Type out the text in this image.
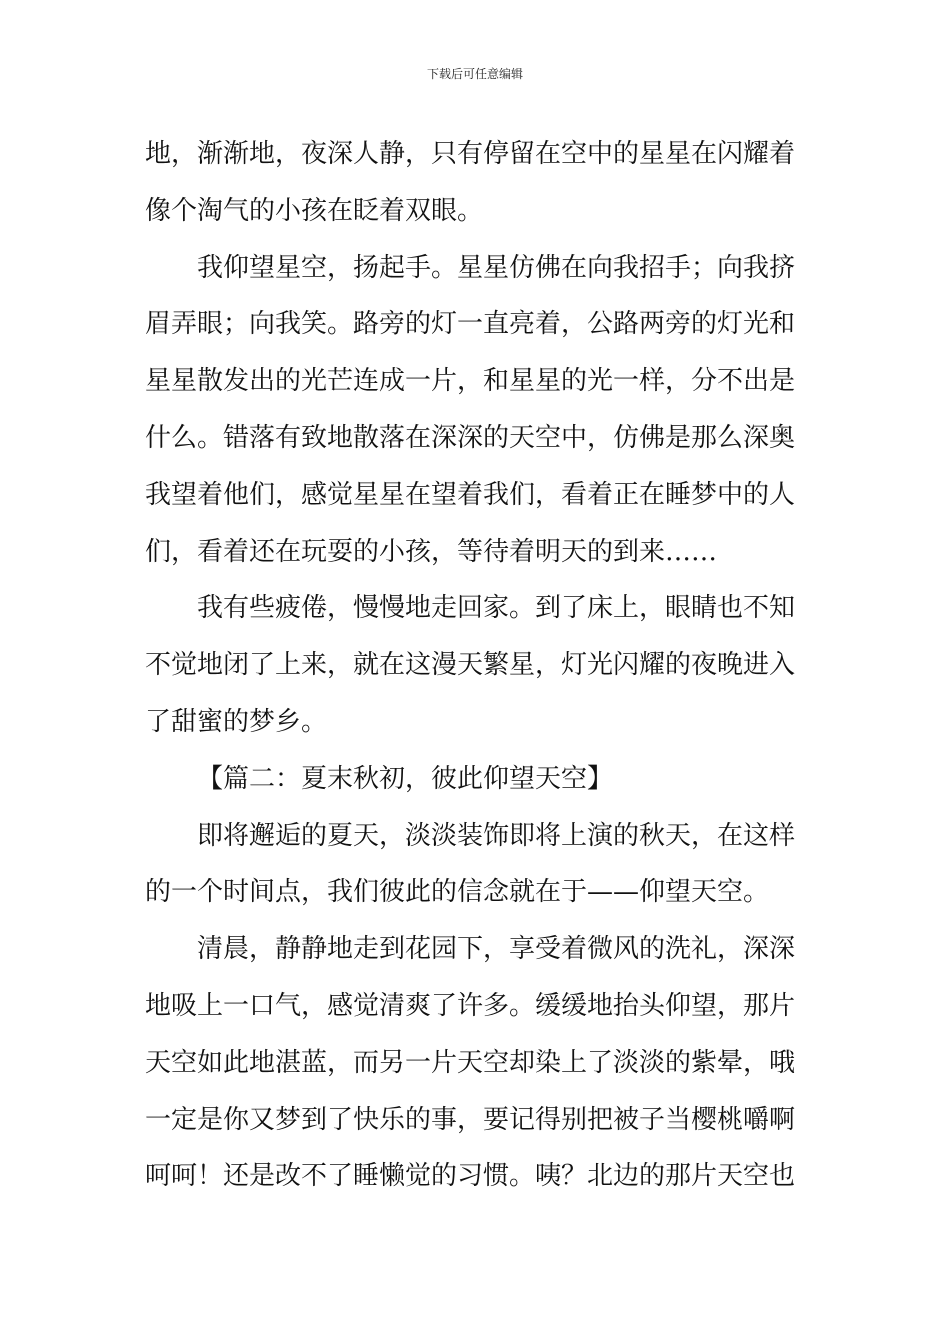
下载后可任意编辑
地，渐渐地，夜深人静，只有停留在空中的星星在闪耀着
像个淘气的小孩在眨着双眼。
我仰望星空，扬起手。星星仿佛在向我招手；向我挤
眉弄眼；向我笑。路旁的灯一直亮着，公路两旁的灯光和
星星散发出的光芒连成一片，和星星的光一样，分不出是
什么。错落有致地散落在深深的天空中，仿佛是那么深奥
我望着他们，感觉星星在望着我们，看着正在睡梦中的人
们，看着还在玩耍的小孩，等待着明天的到来……
我有些疲倦，慢慢地走回家。到了床上，眼睛也不知
不觉地闭了上来，就在这漫天繁星，灯光闪耀的夜晚进入
了甜蜜的梦乡。
【篇二：夏末秋初，彼此仰望天空】
即将邂逅的夏天，淡淡装饰即将上演的秋天，在这样
的一个时间点，我们彼此的信念就在于——仰望天空。
清晨，静静地走到花园下，享受着微风的洗礼，深深
地吸上一口气，感觉清爽了许多。缓缓地抬头仰望，那片
天空如此地湛蓝，而另一片天空却染上了淡淡的紫晕，哦
一定是你又梦到了快乐的事，要记得别把被子当樱桃嚼啊
呵呵！还是改不了睡懒觉的习惯。咦？北边的那片天空也
